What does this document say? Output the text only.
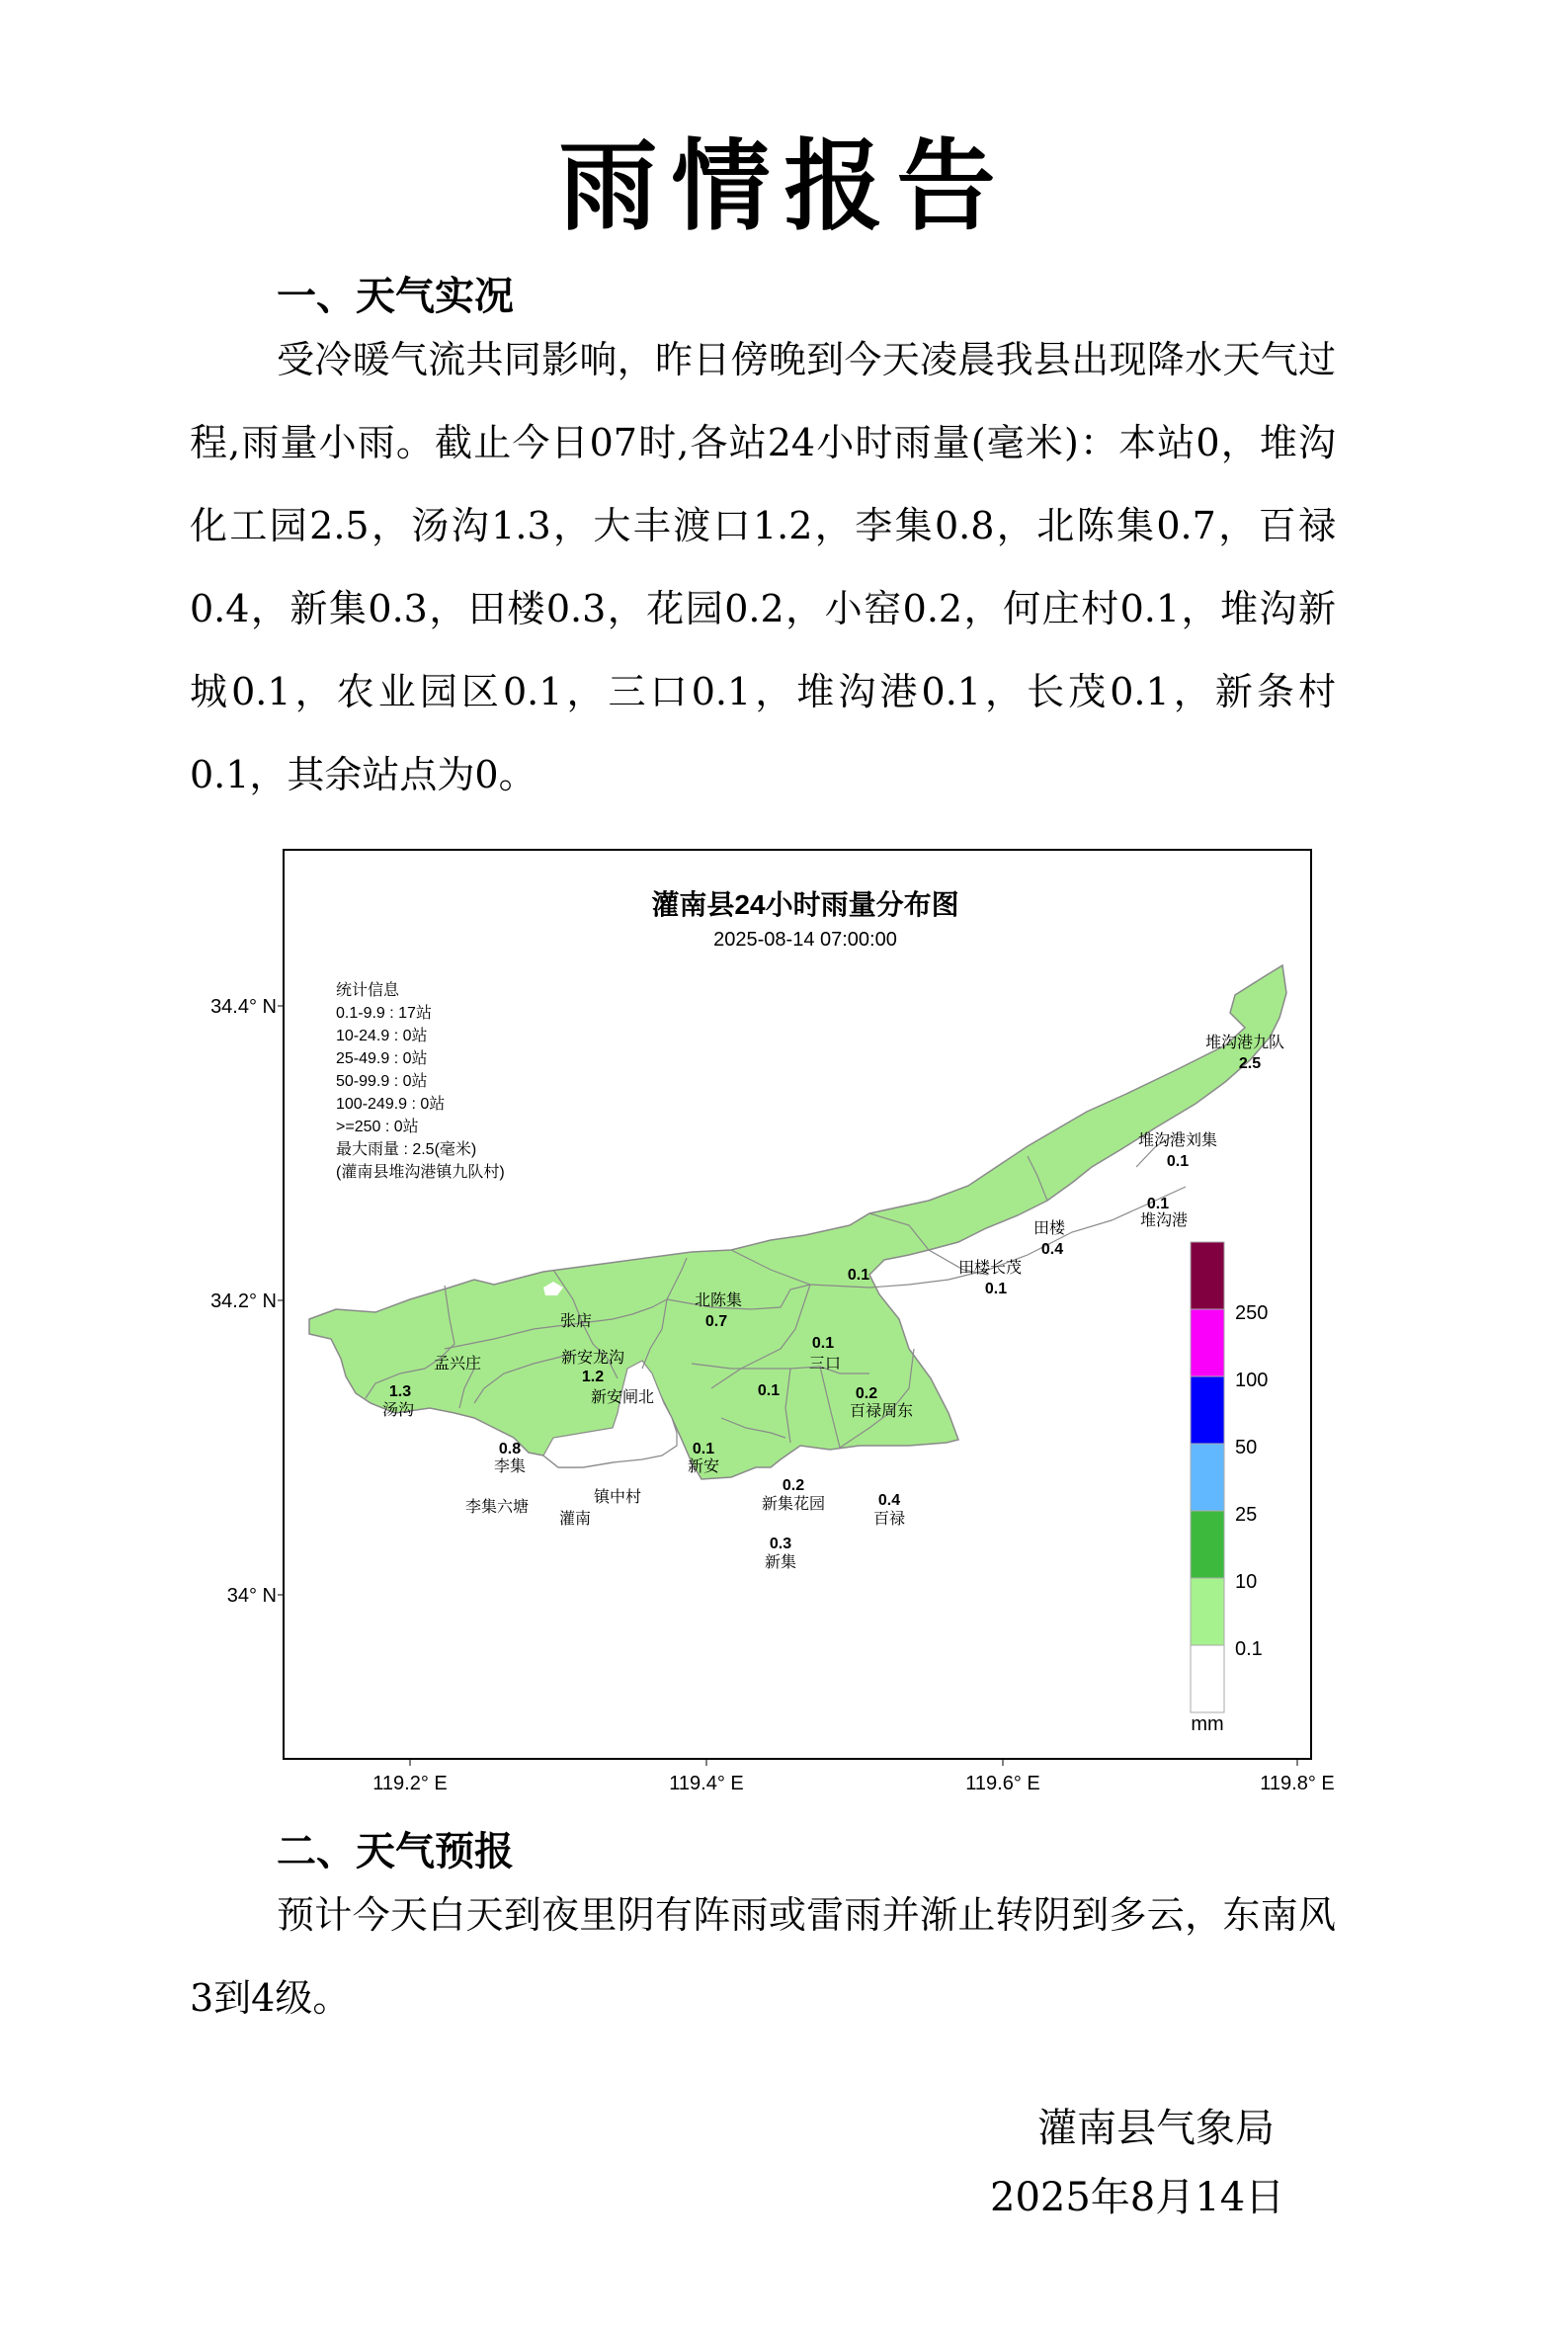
雨情报告
一、天气实况

受冷暖气流共同影响，昨日傍晚到今天凌晨我县出现降水天气过程,雨量小雨。截止今日07时,各站24小时雨量(毫米)：本站0，堆沟化工园2.5，汤沟1.3，大丰渡口1.2，李集0.8，北陈集0.7，百禄0.4，新集0.3，田楼0.3，花园0.2，小窑0.2，何庄村0.1，堆沟新城0.1，农业园区0.1，三口0.1，堆沟港0.1，长茂0.1，新条村0.1，其余站点为0。

灌南县24小时雨量分布图
2025-08-14 07:00:00
统计信息
0.1-9.9 : 17站
10-24.9 : 0站
25-49.9 : 0站
50-99.9 : 0站
100-249.9 : 0站
>=250 : 0站
最大雨量 : 2.5(毫米)
(灌南县堆沟港镇九队村)
堆沟港九队
2.5
堆沟港刘集
0.1
0.1
堆沟港
田楼
0.4
田楼长茂
0.1
0.1
北陈集
0.7
张店
孟兴庄	新安龙沟
1.2
新安闸北
0.1
三口
0.1
1.3
汤沟
0.2
百禄周东
0.8
李集
0.1
新安
0.2
新集花园	0.4
百禄
李集六塘
灌南
镇中村
0.3
新集
250
100
50
25
10
0.1
mm
34.4° N
34.2° N
34° N
119.2° E	119.4° E	119.6° E	119.8° E
二、天气预报

预计今天白天到夜里阴有阵雨或雷雨并渐止转阴到多云，东南风3到4级。

灌南县气象局
2025年8月14日
